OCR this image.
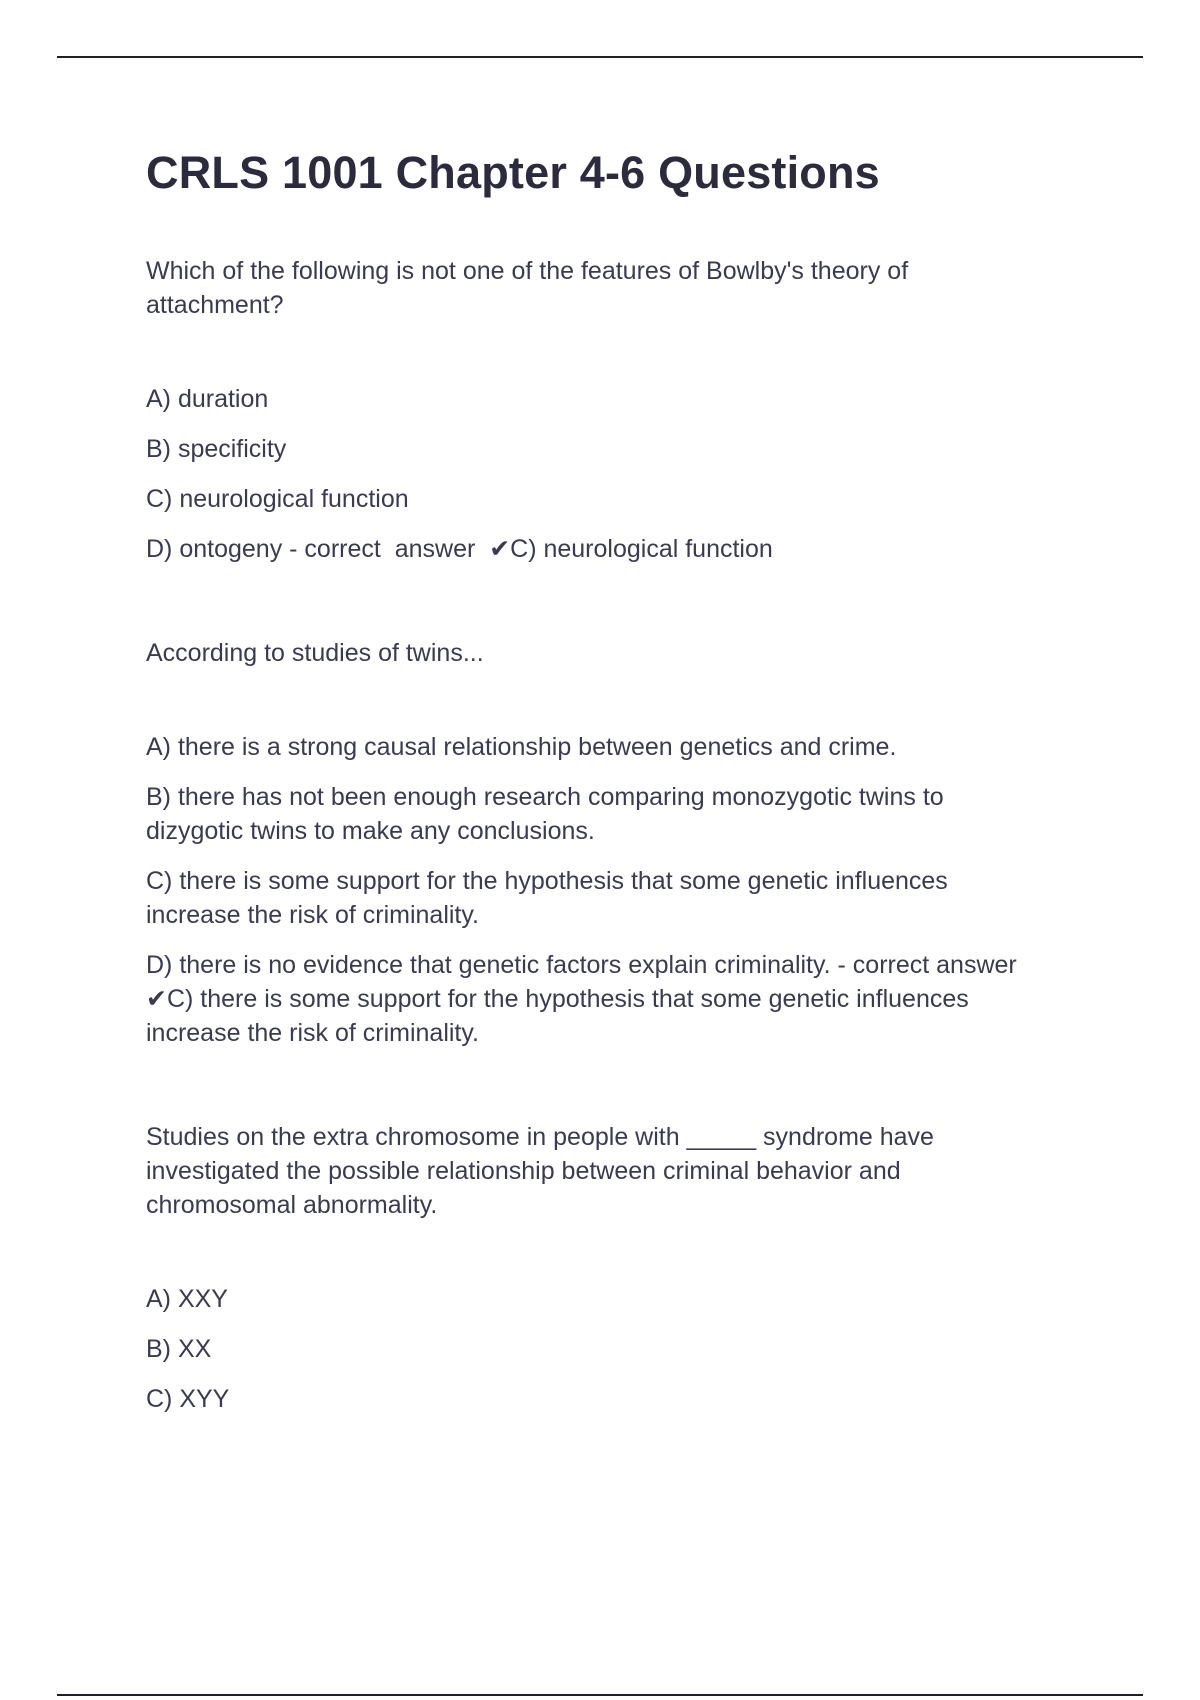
CRLS 1001 Chapter 4-6 Questions

Which of the following is not one of the features of Bowlby's theory of attachment?

A) duration
B) specificity
C) neurological function
D) ontogeny - correct  answer  ✔C) neurological function

According to studies of twins...

A) there is a strong causal relationship between genetics and crime.
B) there has not been enough research comparing monozygotic twins to dizygotic twins to make any conclusions.
C) there is some support for the hypothesis that some genetic influences increase the risk of criminality.
D) there is no evidence that genetic factors explain criminality. - correct answer  ✔C) there is some support for the hypothesis that some genetic influences increase the risk of criminality.

Studies on the extra chromosome in people with _____ syndrome have investigated the possible relationship between criminal behavior and chromosomal abnormality.

A) XXY
B) XX
C) XYY
